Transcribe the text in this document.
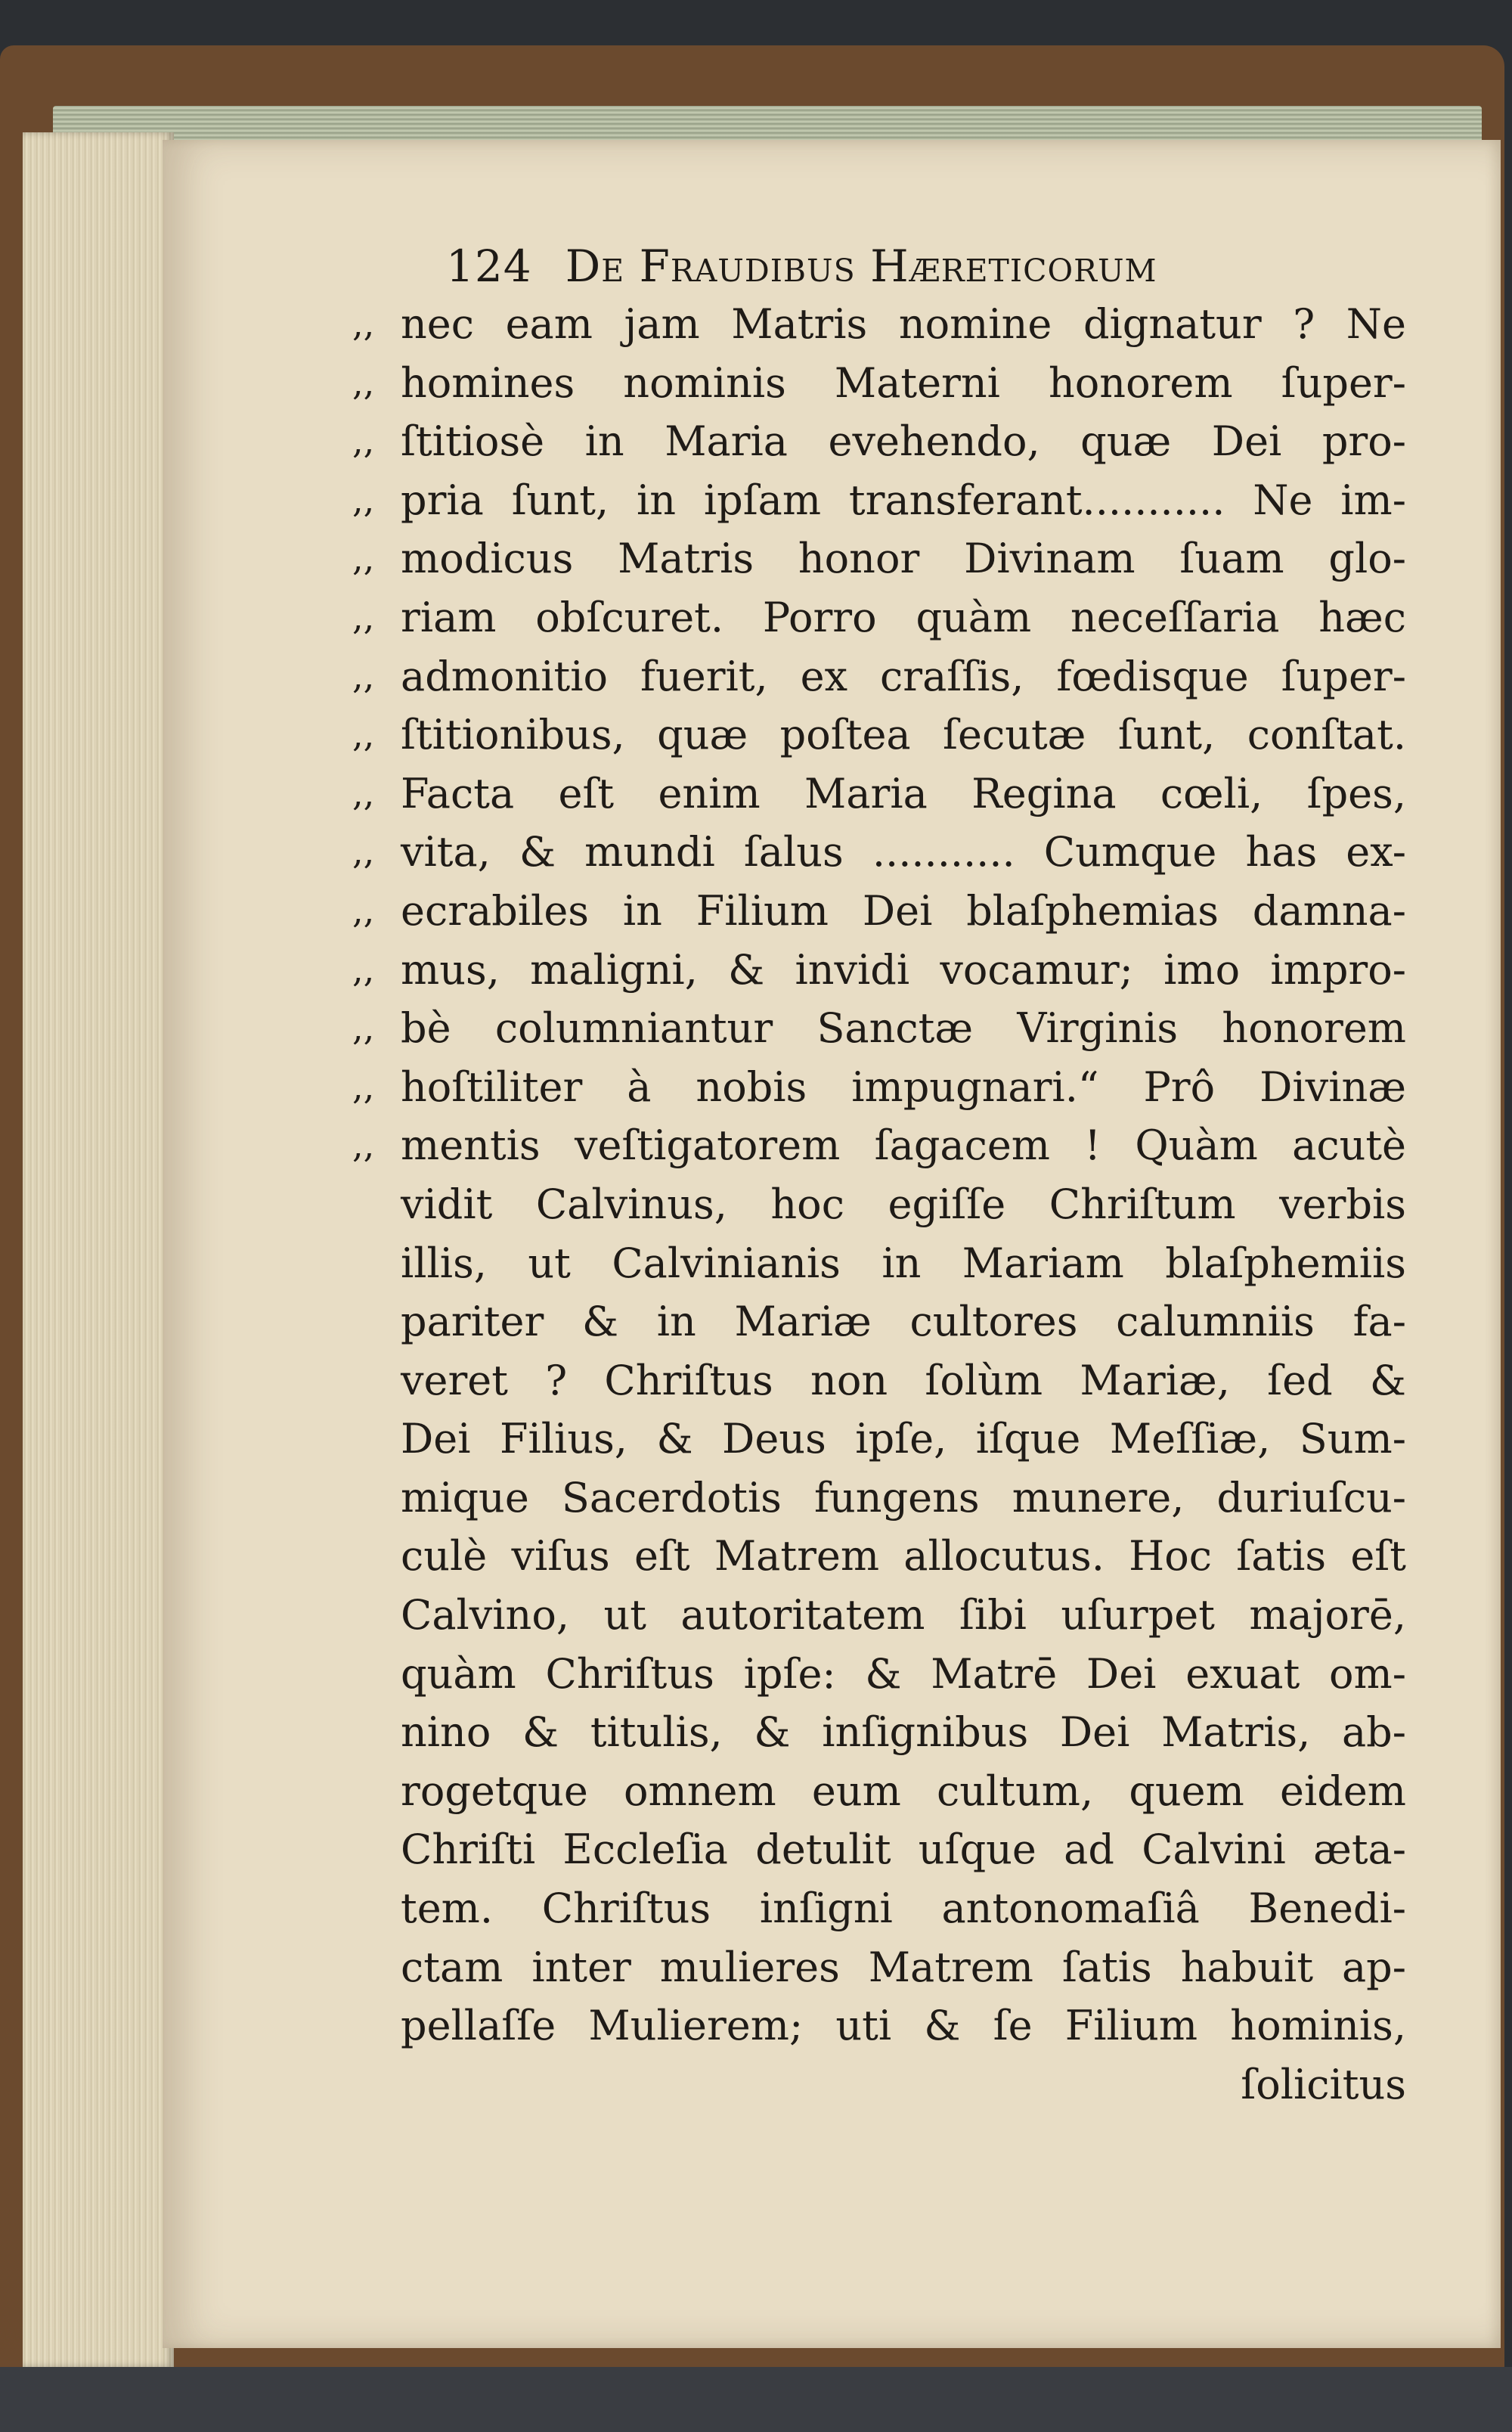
124 De Fraudibus Hæreticorum
,, nec eam jam Matris nomine dignatur ? Ne
,, homines nominis Materni honorem ſuper-
,, ſtitiosè in Maria evehendo, quæ Dei pro-
,, pria ſunt, in ipſam transferant........... Ne im-
,, modicus Matris honor Divinam ſuam glo-
,, riam obſcuret. Porro quàm neceſſaria hæc
,, admonitio fuerit, ex craſſis, fœdisque ſuper-
,, ſtitionibus, quæ poſtea ſecutæ ſunt, conſtat.
,, Facta eſt enim Maria Regina cœli, ſpes,
,, vita, & mundi ſalus ........... Cumque has ex-
,, ecrabiles in Filium Dei blaſphemias damna-
,, mus, maligni, & invidi vocamur; imo impro-
,, bè columniantur Sanctæ Virginis honorem
,, hoſtiliter à nobis impugnari.“ Prô Divinæ
,, mentis veſtigatorem ſagacem ! Quàm acutè
vidit Calvinus, hoc egiſſe Chriſtum verbis
illis, ut Calvinianis in Mariam blaſphemiis
pariter & in Mariæ cultores calumniis fa-
veret ? Chriſtus non ſolùm Mariæ, ſed &
Dei Filius, & Deus ipſe, iſque Meſſiæ, Sum-
mique Sacerdotis fungens munere, duriuſcu-
culè viſus eſt Matrem allocutus. Hoc ſatis eſt
Calvino, ut autoritatem ſibi uſurpet majorē,
quàm Chriſtus ipſe: & Matrē Dei exuat om-
nino & titulis, & inſignibus Dei Matris, ab-
rogetque omnem eum cultum, quem eidem
Chriſti Eccleſia detulit uſque ad Calvini æta-
tem. Chriſtus inſigni antonomaſiâ Benedi-
ctam inter mulieres Matrem ſatis habuit ap-
pellaſſe Mulierem; uti & ſe Filium hominis,
ſolicitus
